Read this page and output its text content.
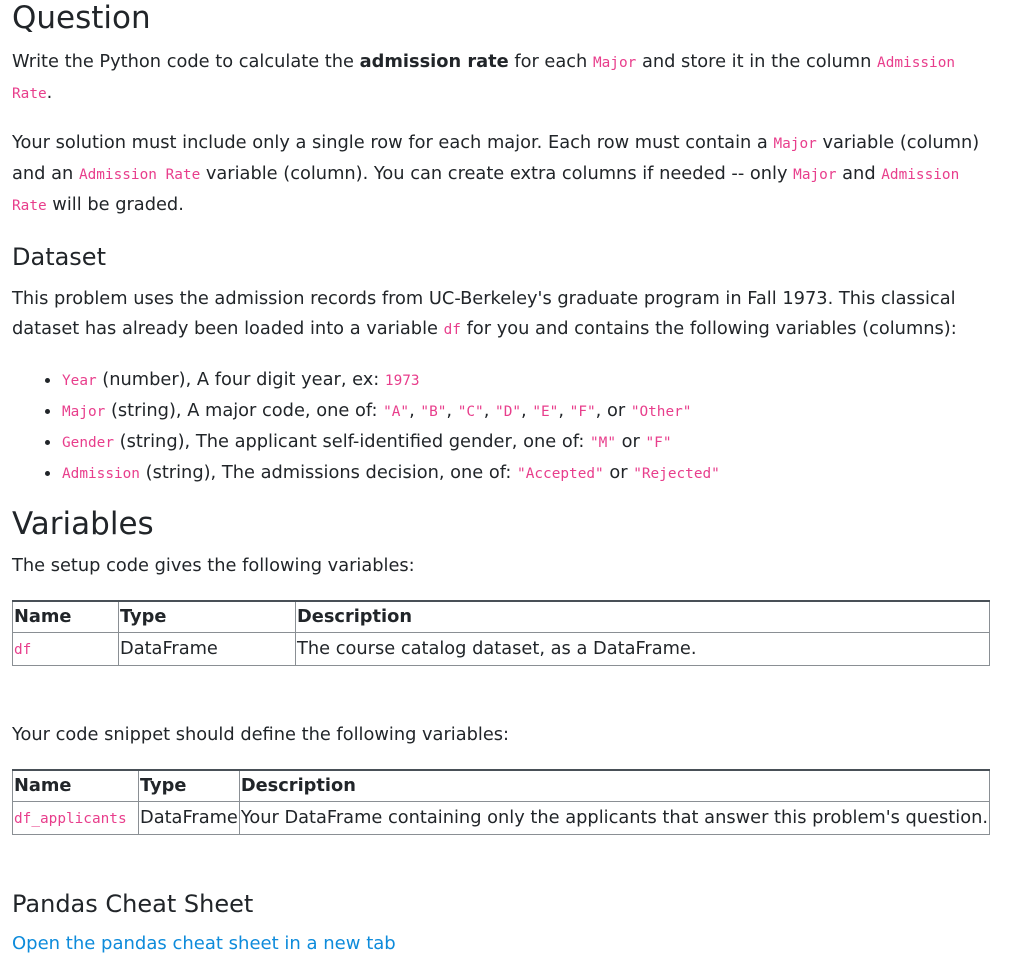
Question

Write the Python code to calculate the admission rate for each Major and store it in the column Admission
Rate.

Your solution must include only a single row for each major. Each row must contain a Major variable (column)
and an Admission Rate variable (column). You can create extra columns if needed -- only Major and Admission
Rate will be graded.

Dataset

This problem uses the admission records from UC-Berkeley's graduate program in Fall 1973. This classical
dataset has already been loaded into a variable df for you and contains the following variables (columns):

• Year (number), A four digit year, ex: 1973
• Major (string), A major code, one of: "A", "B", "C", "D", "E", "F", or "Other"
• Gender (string), The applicant self-identified gender, one of: "M" or "F"
• Admission (string), The admissions decision, one of: "Accepted" or "Rejected"
Variables

The setup code gives the following variables:

Name	Type	Description
df	DataFrame	The course catalog dataset, as a DataFrame.

Your code snippet should define the following variables:

Name	Type	Description
df_applicants	DataFrame	Your DataFrame containing only the applicants that answer this problem's question.
Pandas Cheat Sheet
Open the pandas cheat sheet in a new tab
